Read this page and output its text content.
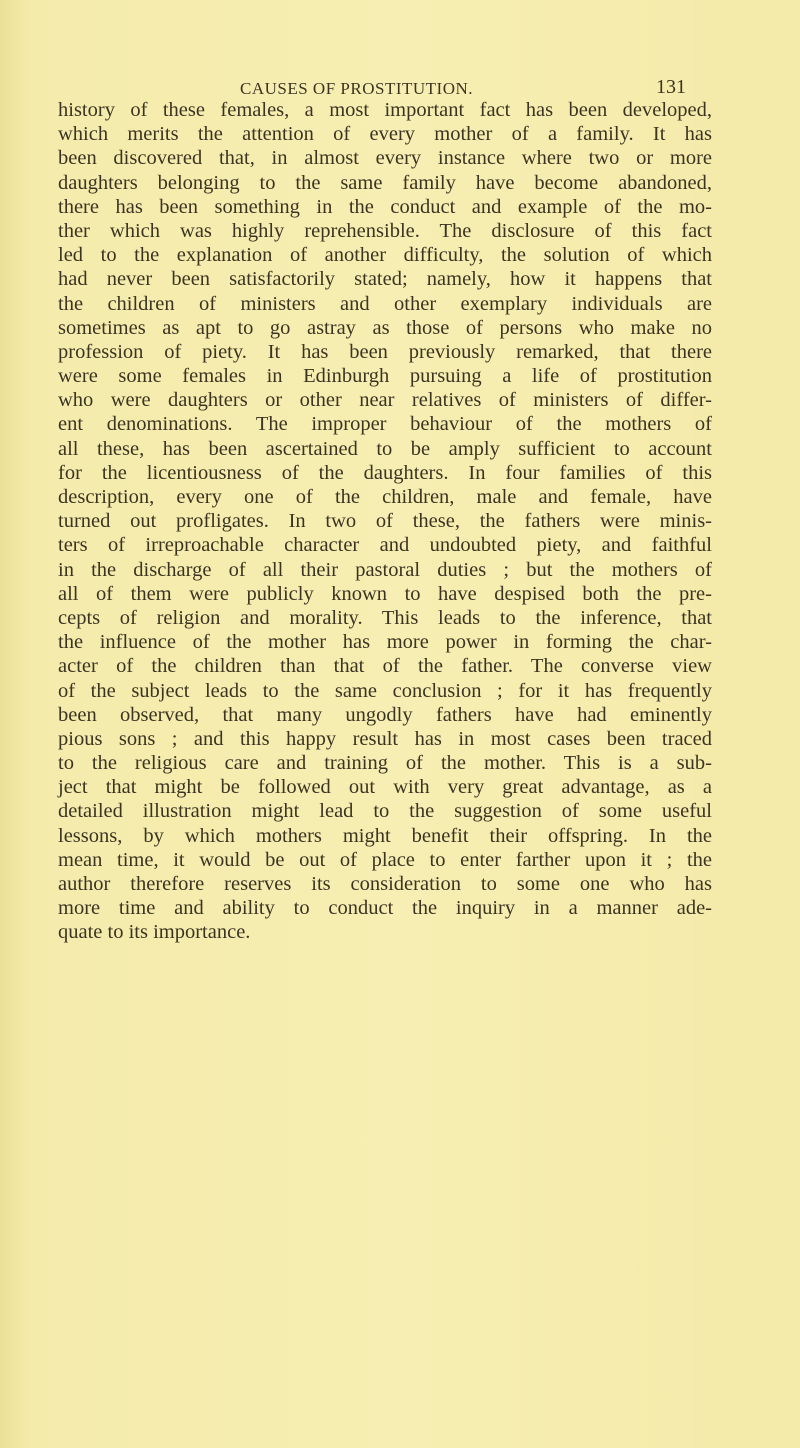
CAUSES OF PROSTITUTION.	131
history of these females, a most important fact has been developed,
which merits the attention of every mother of a family. It has
been discovered that, in almost every instance where two or more
daughters belonging to the same family have become abandoned,
there has been something in the conduct and example of the mo-
ther which was highly reprehensible. The disclosure of this fact
led to the explanation of another difficulty, the solution of which
had never been satisfactorily stated; namely, how it happens that
the children of ministers and other exemplary individuals are
sometimes as apt to go astray as those of persons who make no
profession of piety. It has been previously remarked, that there
were some females in Edinburgh pursuing a life of prostitution
who were daughters or other near relatives of ministers of differ-
ent denominations. The improper behaviour of the mothers of
all these, has been ascertained to be amply sufficient to account
for the licentiousness of the daughters. In four families of this
description, every one of the children, male and female, have
turned out profligates. In two of these, the fathers were minis-
ters of irreproachable character and undoubted piety, and faithful
in the discharge of all their pastoral duties ; but the mothers of
all of them were publicly known to have despised both the pre-
cepts of religion and morality. This leads to the inference, that
the influence of the mother has more power in forming the char-
acter of the children than that of the father. The converse view
of the subject leads to the same conclusion ; for it has frequently
been observed, that many ungodly fathers have had eminently
pious sons ; and this happy result has in most cases been traced
to the religious care and training of the mother. This is a sub-
ject that might be followed out with very great advantage, as a
detailed illustration might lead to the suggestion of some useful
lessons, by which mothers might benefit their offspring. In the
mean time, it would be out of place to enter farther upon it ; the
author therefore reserves its consideration to some one who has
more time and ability to conduct the inquiry in a manner ade-
quate to its importance.
